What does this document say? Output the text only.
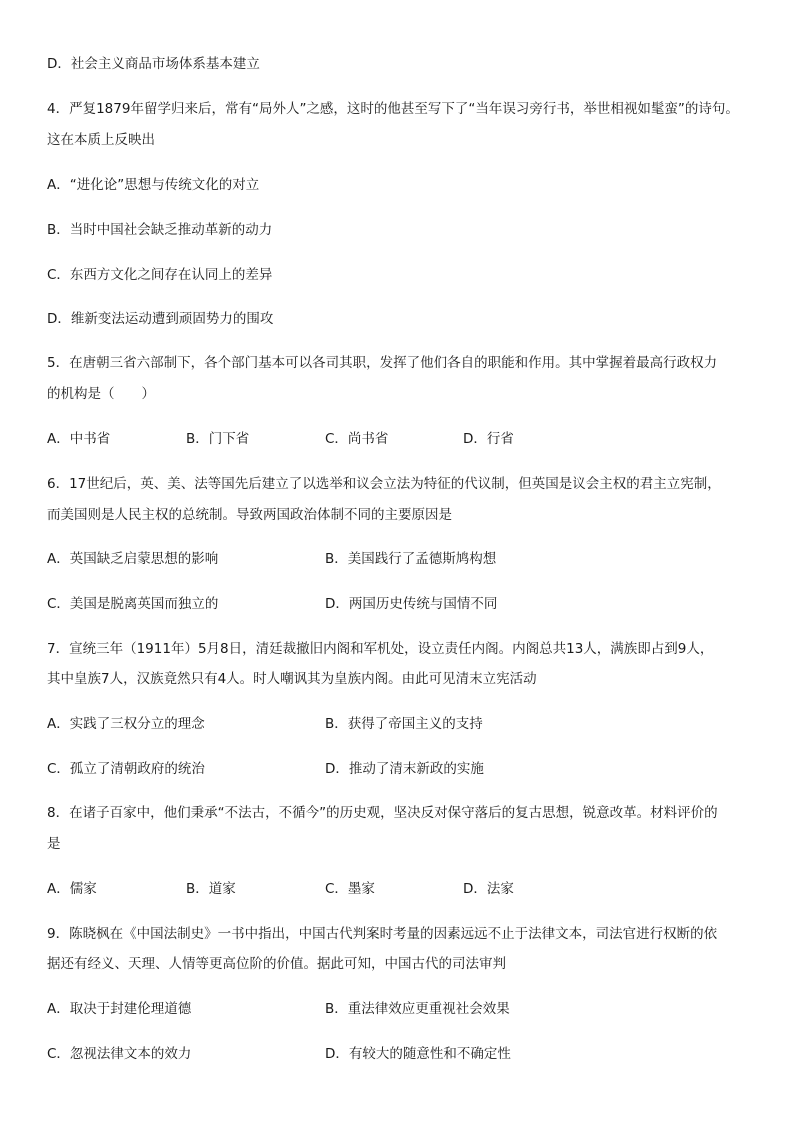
D．社会主义商品市场体系基本建立
4．严复1879年留学归来后，常有“局外人”之感，这时的他甚至写下了“当年误习旁行书，举世相视如髦蛮”的诗句。
这在本质上反映出
A．“进化论”思想与传统文化的对立
B．当时中国社会缺乏推动革新的动力
C．东西方文化之间存在认同上的差异
D．维新变法运动遭到顽固势力的围攻
5．在唐朝三省六部制下，各个部门基本可以各司其职，发挥了他们各自的职能和作用。其中掌握着最高行政权力
的机构是（　　）
A．中书省	B．门下省	C．尚书省	D．行省
6．17世纪后，英、美、法等国先后建立了以选举和议会立法为特征的代议制，但英国是议会主权的君主立宪制，
而美国则是人民主权的总统制。导致两国政治体制不同的主要原因是
A．英国缺乏启蒙思想的影响	B．美国践行了孟德斯鸠构想
C．美国是脱离英国而独立的	D．两国历史传统与国情不同
7．宣统三年（1911年）5月8日，清廷裁撤旧内阁和军机处，设立责任内阁。内阁总共13人，满族即占到9人，
其中皇族7人，汉族竟然只有4人。时人嘲讽其为皇族内阁。由此可见清末立宪活动
A．实践了三权分立的理念	B．获得了帝国主义的支持
C．孤立了清朝政府的统治	D．推动了清末新政的实施
8．在诸子百家中，他们秉承“不法古，不循今”的历史观，坚决反对保守落后的复古思想，锐意改革。材料评价的
是
A．儒家	B．道家	C．墨家	D．法家
9．陈晓枫在《中国法制史》一书中指出，中国古代判案时考量的因素远远不止于法律文本，司法官进行权断的依
据还有经义、天理、人情等更高位阶的价值。据此可知，中国古代的司法审判
A．取决于封建伦理道德	B．重法律效应更重视社会效果
C．忽视法律文本的效力	D．有较大的随意性和不确定性
